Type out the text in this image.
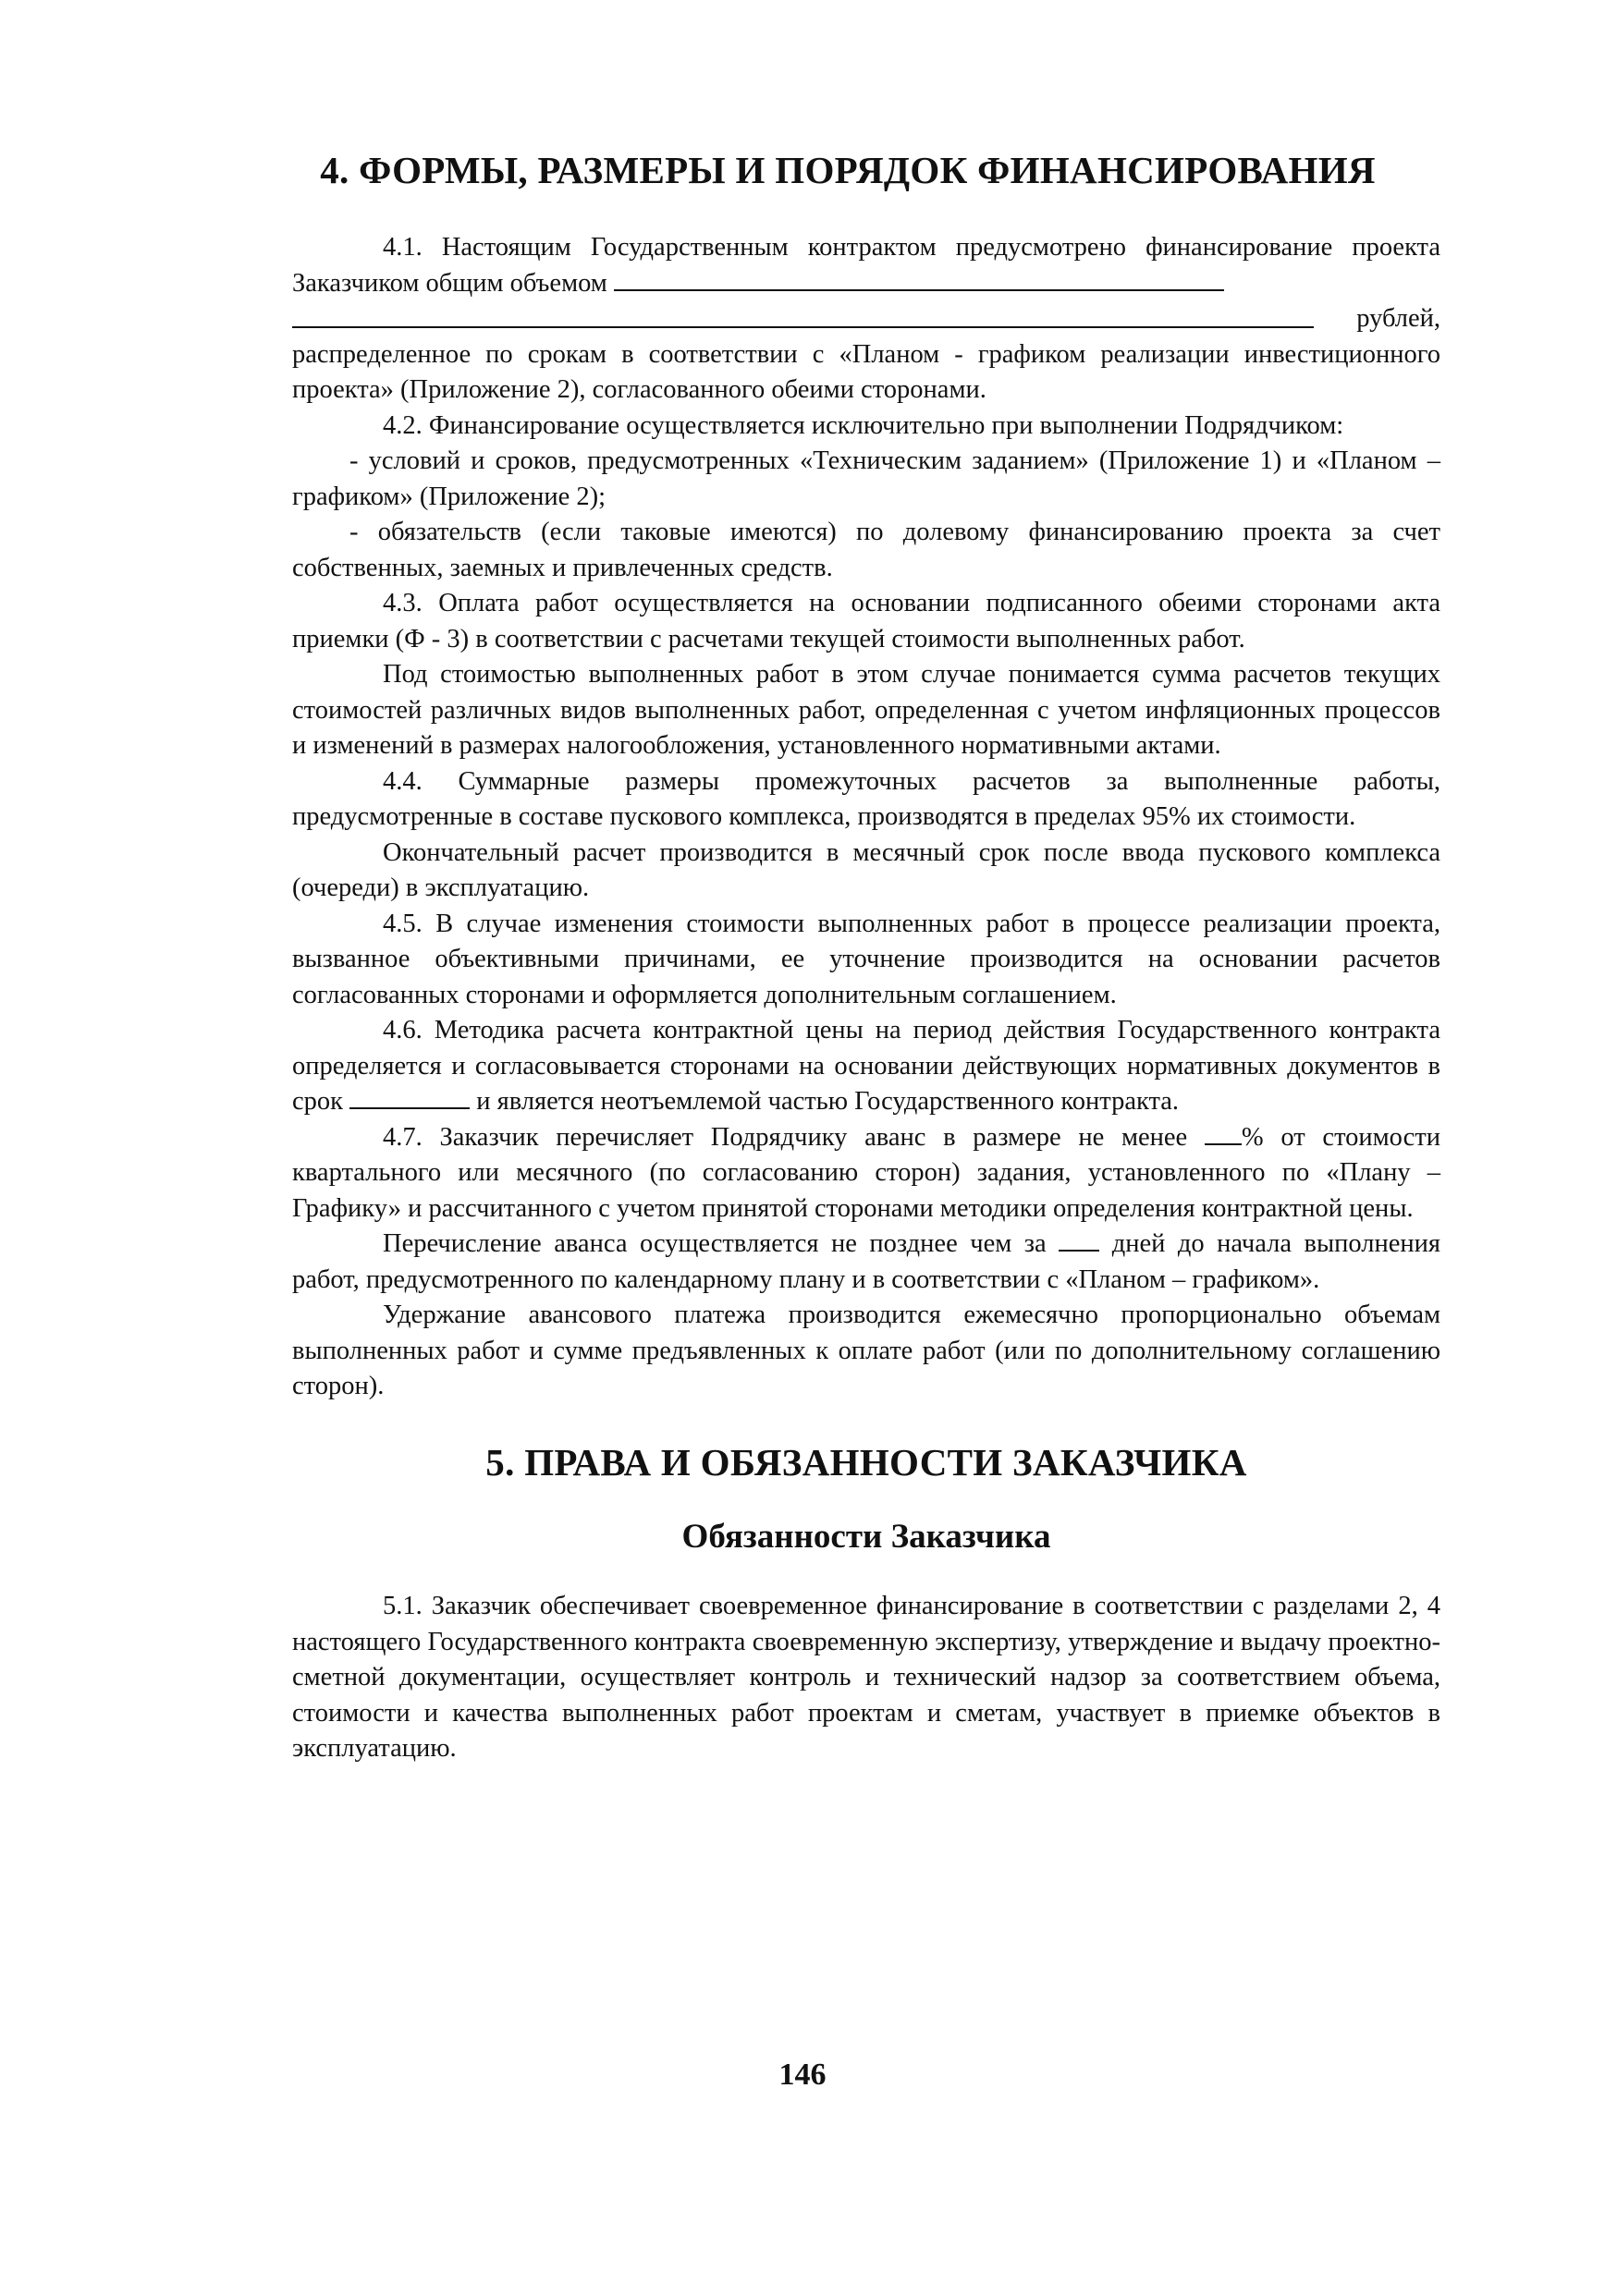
4. ФОРМЫ, РАЗМЕРЫ И ПОРЯДОК ФИНАНСИРОВАНИЯ

4.1. Настоящим Государственным контрактом предусмотрено финансирование проекта Заказчиком общим объемом

рублей,

распределенное по срокам в соответствии с «Планом - графиком реализации инвестиционного проекта» (Приложение 2), согласованного обеими сторонами.

4.2. Финансирование осуществляется исключительно при выполнении Подрядчиком:

- условий и сроков, предусмотренных «Техническим заданием» (Приложение 1) и «Планом – графиком» (Приложение 2);

- обязательств (если таковые имеются) по долевому финансированию проекта за счет собственных, заемных и привлеченных средств.

4.3. Оплата работ осуществляется на основании подписанного обеими сторонами акта приемки (Ф - 3) в соответствии с расчетами текущей стоимости выполненных работ.

Под стоимостью выполненных работ в этом случае понимается сумма расчетов текущих стоимостей различных видов выполненных работ, определенная с учетом инфляционных процессов и изменений в размерах налогообложения, установленного нормативными актами.

4.4. Суммарные размеры промежуточных расчетов за выполненные работы, предусмотренные в составе пускового комплекса, производятся в пределах 95% их стоимости.

Окончательный расчет производится в месячный срок после ввода пускового комплекса (очереди) в эксплуатацию.

4.5. В случае изменения стоимости выполненных работ в процессе реализации проекта, вызванное объективными причинами, ее уточнение производится на основании расчетов согласованных сторонами и оформляется дополнительным соглашением.

4.6. Методика расчета контрактной цены на период действия Государственного контракта определяется и согласовывается сторонами на основании действующих нормативных документов в срок	и является неотъемлемой частью Государственного контракта.

4.7. Заказчик перечисляет Подрядчику аванс в размере не менее % от стоимости квартального или месячного (по согласованию сторон) задания, установленного по «Плану – Графику» и рассчитанного с учетом принятой сторонами методики определения контрактной цены.

Перечисление аванса осуществляется не позднее чем за дней до начала выполнения работ, предусмотренного по календарному плану и в соответствии с «Планом – графиком».

Удержание авансового платежа производится ежемесячно пропорционально объемам выполненных работ и сумме предъявленных к оплате работ (или по дополнительному соглашению сторон).

5. ПРАВА И ОБЯЗАННОСТИ ЗАКАЗЧИКА
Обязанности Заказчика

5.1. Заказчик обеспечивает своевременное финансирование в соответствии с разделами 2, 4 настоящего Государственного контракта своевременную экспертизу, утверждение и выдачу проектно-сметной документации, осуществляет контроль и технический надзор за соответствием объема, стоимости и качества выполненных работ проектам и сметам, участвует в приемке объектов в эксплуатацию.

146
